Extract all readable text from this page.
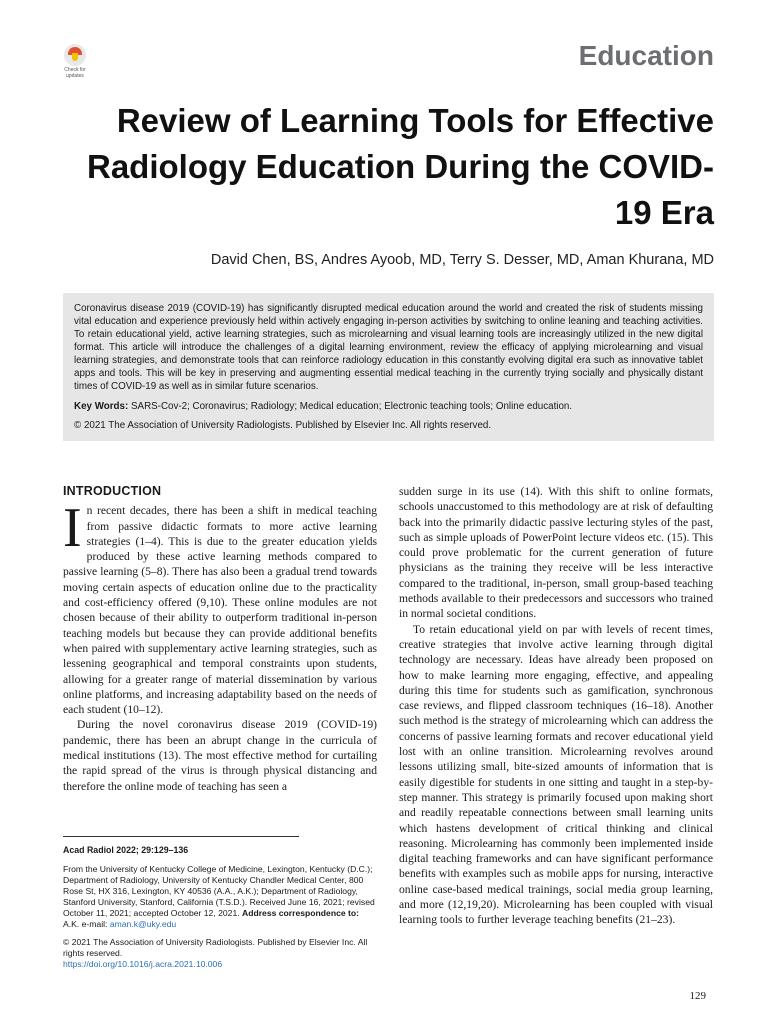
Check for updates
Education
Review of Learning Tools for Effective Radiology Education During the COVID-19 Era
David Chen, BS, Andres Ayoob, MD, Terry S. Desser, MD, Aman Khurana, MD

Coronavirus disease 2019 (COVID-19) has significantly disrupted medical education around the world and created the risk of students missing vital education and experience previously held within actively engaging in-person activities by switching to online leaning and teaching activities. To retain educational yield, active learning strategies, such as microlearning and visual learning tools are increasingly utilized in the new digital format. This article will introduce the challenges of a digital learning environment, review the efficacy of applying microlearning and visual learning strategies, and demonstrate tools that can reinforce radiology education in this constantly evolving digital era such as innovative tablet apps and tools. This will be key in preserving and augmenting essential medical teaching in the currently trying socially and physically distant times of COVID-19 as well as in similar future scenarios.

Key Words: SARS-Cov-2; Coronavirus; Radiology; Medical education; Electronic teaching tools; Online education.

© 2021 The Association of University Radiologists. Published by Elsevier Inc. All rights reserved.

INTRODUCTION

In recent decades, there has been a shift in medical teaching from passive didactic formats to more active learning strategies (1–4). This is due to the greater education yields produced by these active learning methods compared to passive learning (5–8). There has also been a gradual trend towards moving certain aspects of education online due to the practicality and cost-efficiency offered (9,10). These online modules are not chosen because of their ability to outperform traditional in-person teaching models but because they can provide additional benefits when paired with supplementary active learning strategies, such as lessening geographical and temporal constraints upon students, allowing for a greater range of material dissemination by various online platforms, and increasing adaptability based on the needs of each student (10–12).

During the novel coronavirus disease 2019 (COVID-19) pandemic, there has been an abrupt change in the curricula of medical institutions (13). The most effective method for curtailing the rapid spread of the virus is through physical distancing and therefore the online mode of teaching has seen a

sudden surge in its use (14). With this shift to online formats, schools unaccustomed to this methodology are at risk of defaulting back into the primarily didactic passive lecturing styles of the past, such as simple uploads of PowerPoint lecture videos etc. (15). This could prove problematic for the current generation of future physicians as the training they receive will be less interactive compared to the traditional, in-person, small group-based teaching methods available to their predecessors and successors who trained in normal societal conditions.

To retain educational yield on par with levels of recent times, creative strategies that involve active learning through digital technology are necessary. Ideas have already been proposed on how to make learning more engaging, effective, and appealing during this time for students such as gamification, synchronous case reviews, and flipped classroom techniques (16–18). Another such method is the strategy of microlearning which can address the concerns of passive learning formats and recover educational yield lost with an online transition. Microlearning revolves around lessons utilizing small, bite-sized amounts of information that is easily digestible for students in one sitting and taught in a step-by-step manner. This strategy is primarily focused upon making short and readily repeatable connections between small learning units which hastens development of critical thinking and clinical reasoning. Microlearning has commonly been implemented inside digital teaching frameworks and can have significant performance benefits with examples such as mobile apps for nursing, interactive online case-based medical trainings, social media group learning, and more (12,19,20). Microlearning has been coupled with visual learning tools to further leverage teaching benefits (21–23).

Acad Radiol 2022; 29:129–136

From the University of Kentucky College of Medicine, Lexington, Kentucky (D.C.); Department of Radiology, University of Kentucky Chandler Medical Center, 800 Rose St, HX 316, Lexington, KY 40536 (A.A., A.K.); Department of Radiology, Stanford University, Stanford, California (T.S.D.). Received June 16, 2021; revised October 11, 2021; accepted October 12, 2021. Address correspondence to: A.K. e-mail: aman.k@uky.edu

© 2021 The Association of University Radiologists. Published by Elsevier Inc. All rights reserved.

https://doi.org/10.1016/j.acra.2021.10.006

129
